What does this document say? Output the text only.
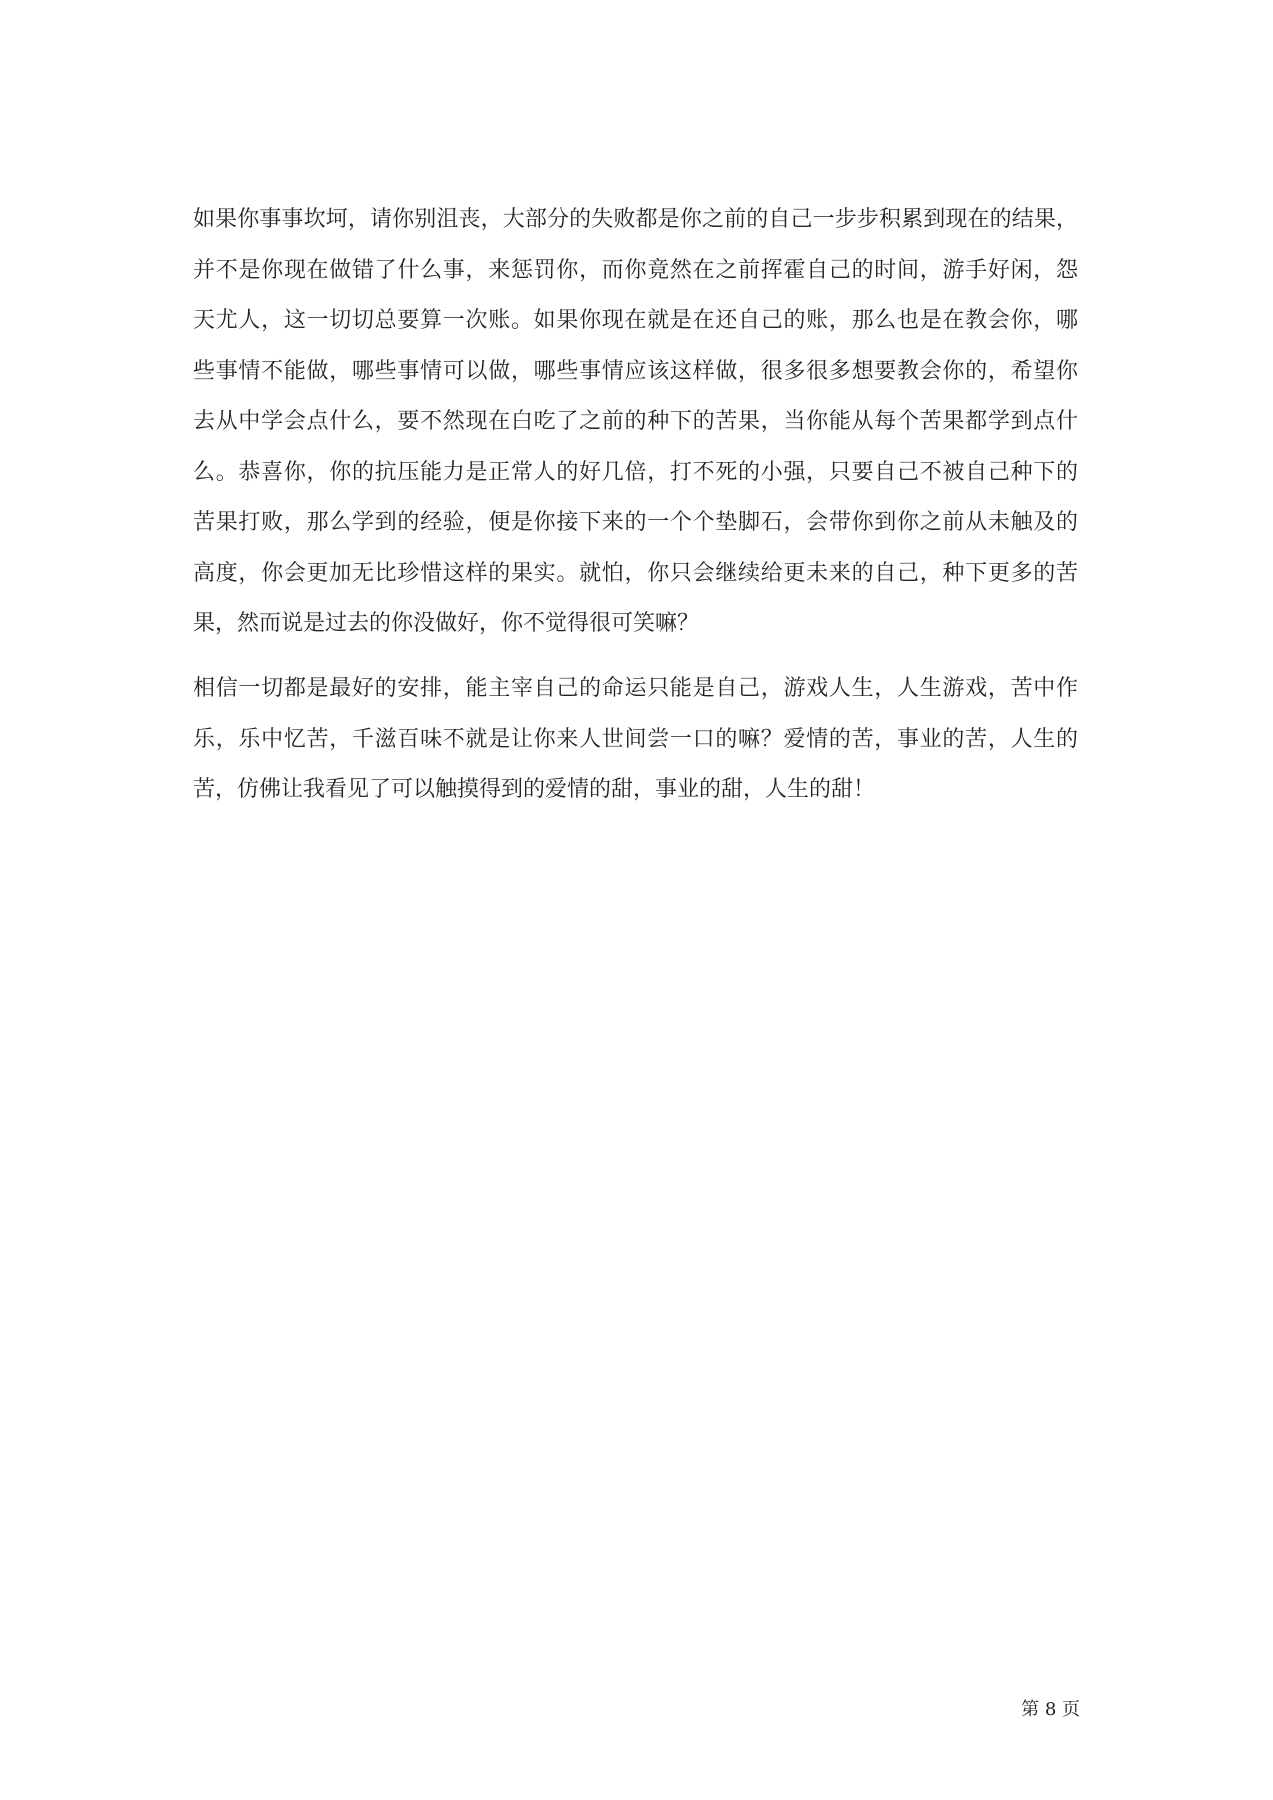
如果你事事坎坷，请你别沮丧，大部分的失败都是你之前的自己一步步积累到现在的结果，
并不是你现在做错了什么事，来惩罚你，而你竟然在之前挥霍自己的时间，游手好闲，怨
天尤人，这一切切总要算一次账。如果你现在就是在还自己的账，那么也是在教会你，哪
些事情不能做，哪些事情可以做，哪些事情应该这样做，很多很多想要教会你的，希望你
去从中学会点什么，要不然现在白吃了之前的种下的苦果，当你能从每个苦果都学到点什
么。恭喜你，你的抗压能力是正常人的好几倍，打不死的小强，只要自己不被自己种下的
苦果打败，那么学到的经验，便是你接下来的一个个垫脚石，会带你到你之前从未触及的
高度，你会更加无比珍惜这样的果实。就怕，你只会继续给更未来的自己，种下更多的苦
果，然而说是过去的你没做好，你不觉得很可笑嘛？
相信一切都是最好的安排，能主宰自己的命运只能是自己，游戏人生，人生游戏，苦中作
乐，乐中忆苦，千滋百味不就是让你来人世间尝一口的嘛？爱情的苦，事业的苦，人生的
苦，仿佛让我看见了可以触摸得到的爱情的甜，事业的甜，人生的甜！
第 8 页
